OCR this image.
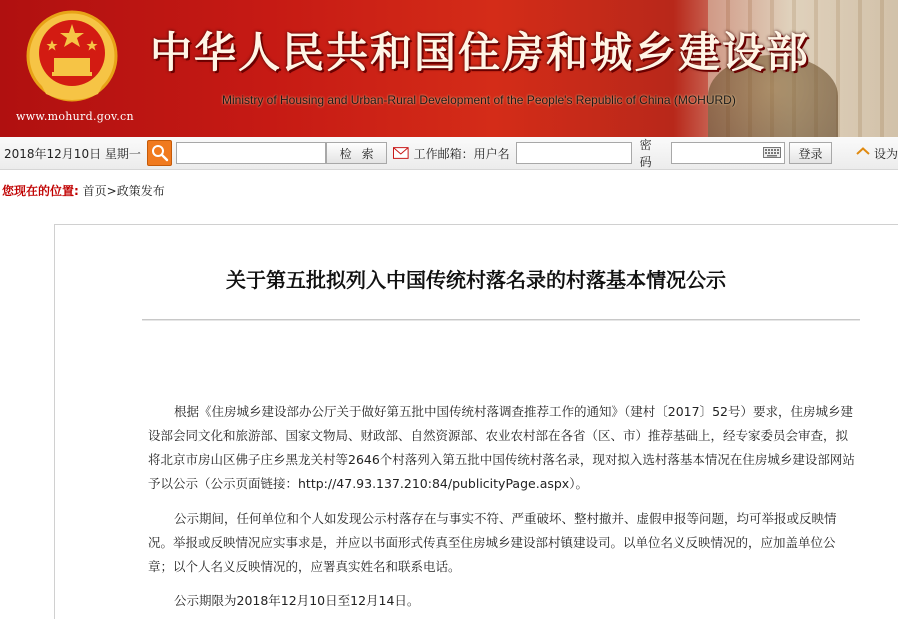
www.mohurd.gov.cn
中华人民共和国住房和城乡建设部
Ministry of Housing and Urban-Rural Development of the People's Republic of China (MOHURD)
2018年12月10日 星期一	检索 工作邮箱：用户名
密码
登录	设为
您现在的位置: 首页>政策发布
关于第五批拟列入中国传统村落名录的村落基本情况公示

根据《住房城乡建设部办公厅关于做好第五批中国传统村落调查推荐工作的通知》（建村〔2017〕52号）要求，住房城乡建设部会同文化和旅游部、国家文物局、财政部、自然资源部、农业农村部在各省（区、市）推荐基础上，经专家委员会审查，拟将北京市房山区佛子庄乡黑龙关村等2646个村落列入第五批中国传统村落名录，现对拟入选村落基本情况在住房城乡建设部网站予以公示（公示页面链接：http://47.93.137.210:84/publicityPage.aspx）。

公示期间，任何单位和个人如发现公示村落存在与事实不符、严重破坏、整村撤并、虚假申报等问题，均可举报或反映情况。举报或反映情况应实事求是，并应以书面形式传真至住房城乡建设部村镇建设司。以单位名义反映情况的，应加盖单位公章；以个人名义反映情况的，应署真实姓名和联系电话。

公示期限为2018年12月10日至12月14日。
